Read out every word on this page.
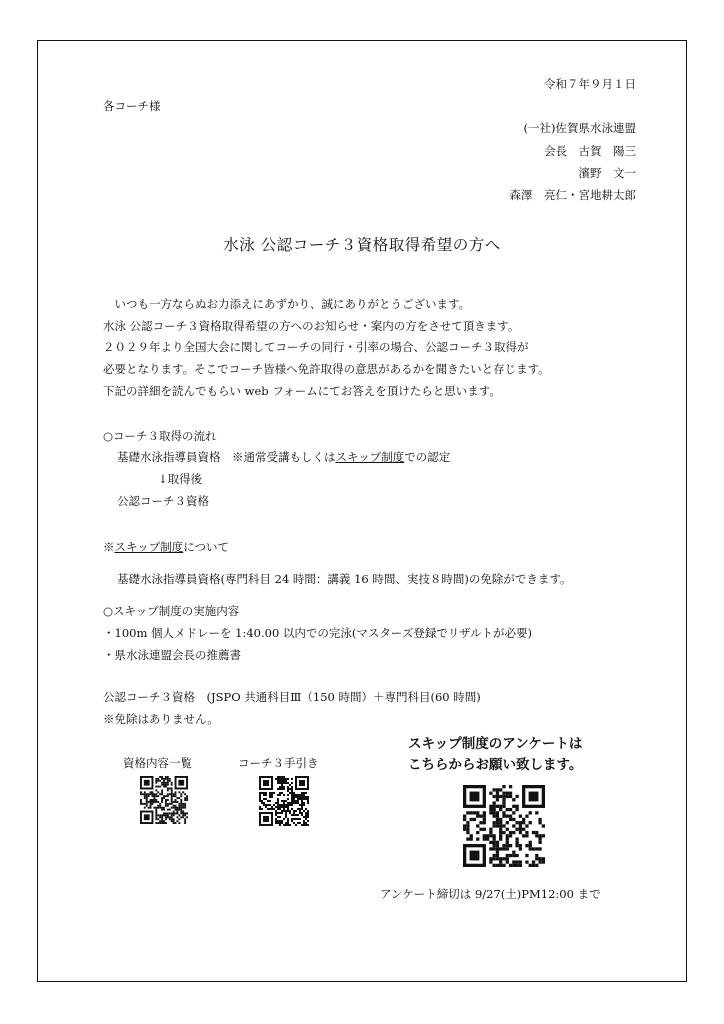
令和７年９月１日
各コーチ様
(一社)佐賀県水泳連盟
会長　古賀　陽三
濱野　文一
森澤　亮仁・宮地耕太郎
水泳 公認コーチ３資格取得希望の方へ
　いつも一方ならぬお力添えにあずかり、誠にありがとうございます。
水泳 公認コーチ３資格取得希望の方へのお知らせ・案内の方をさせて頂きます。
２０２９年より全国大会に関してコーチの同行・引率の場合、公認コーチ３取得が
必要となります。そこでコーチ皆様へ免許取得の意思があるかを聞きたいと存じます。
下記の詳細を読んでもらい web フォームにてお答えを頂けたらと思います。
○コーチ３取得の流れ
基礎水泳指導員資格　 ※通常受講もしくはスキップ制度での認定
↓取得後
公認コーチ３資格
※スキップ制度について
基礎水泳指導員資格(専門科目 24 時間：講義 16 時間、実技８時間)の免除ができます。
○スキップ制度の実施内容
・100m 個人メドレーを 1:40.00 以内での完泳(マスターズ登録でリザルトが必要)
・県水泳連盟会長の推薦書
公認コーチ３資格　(JSPO 共通科目Ⅲ（150 時間）＋専門科目(60 時間)
※免除はありません。
資格内容一覧	コーチ３手引き
スキップ制度のアンケートは
こちらからお願い致します。
アンケート締切は 9/27(土)PM12:00 まで
